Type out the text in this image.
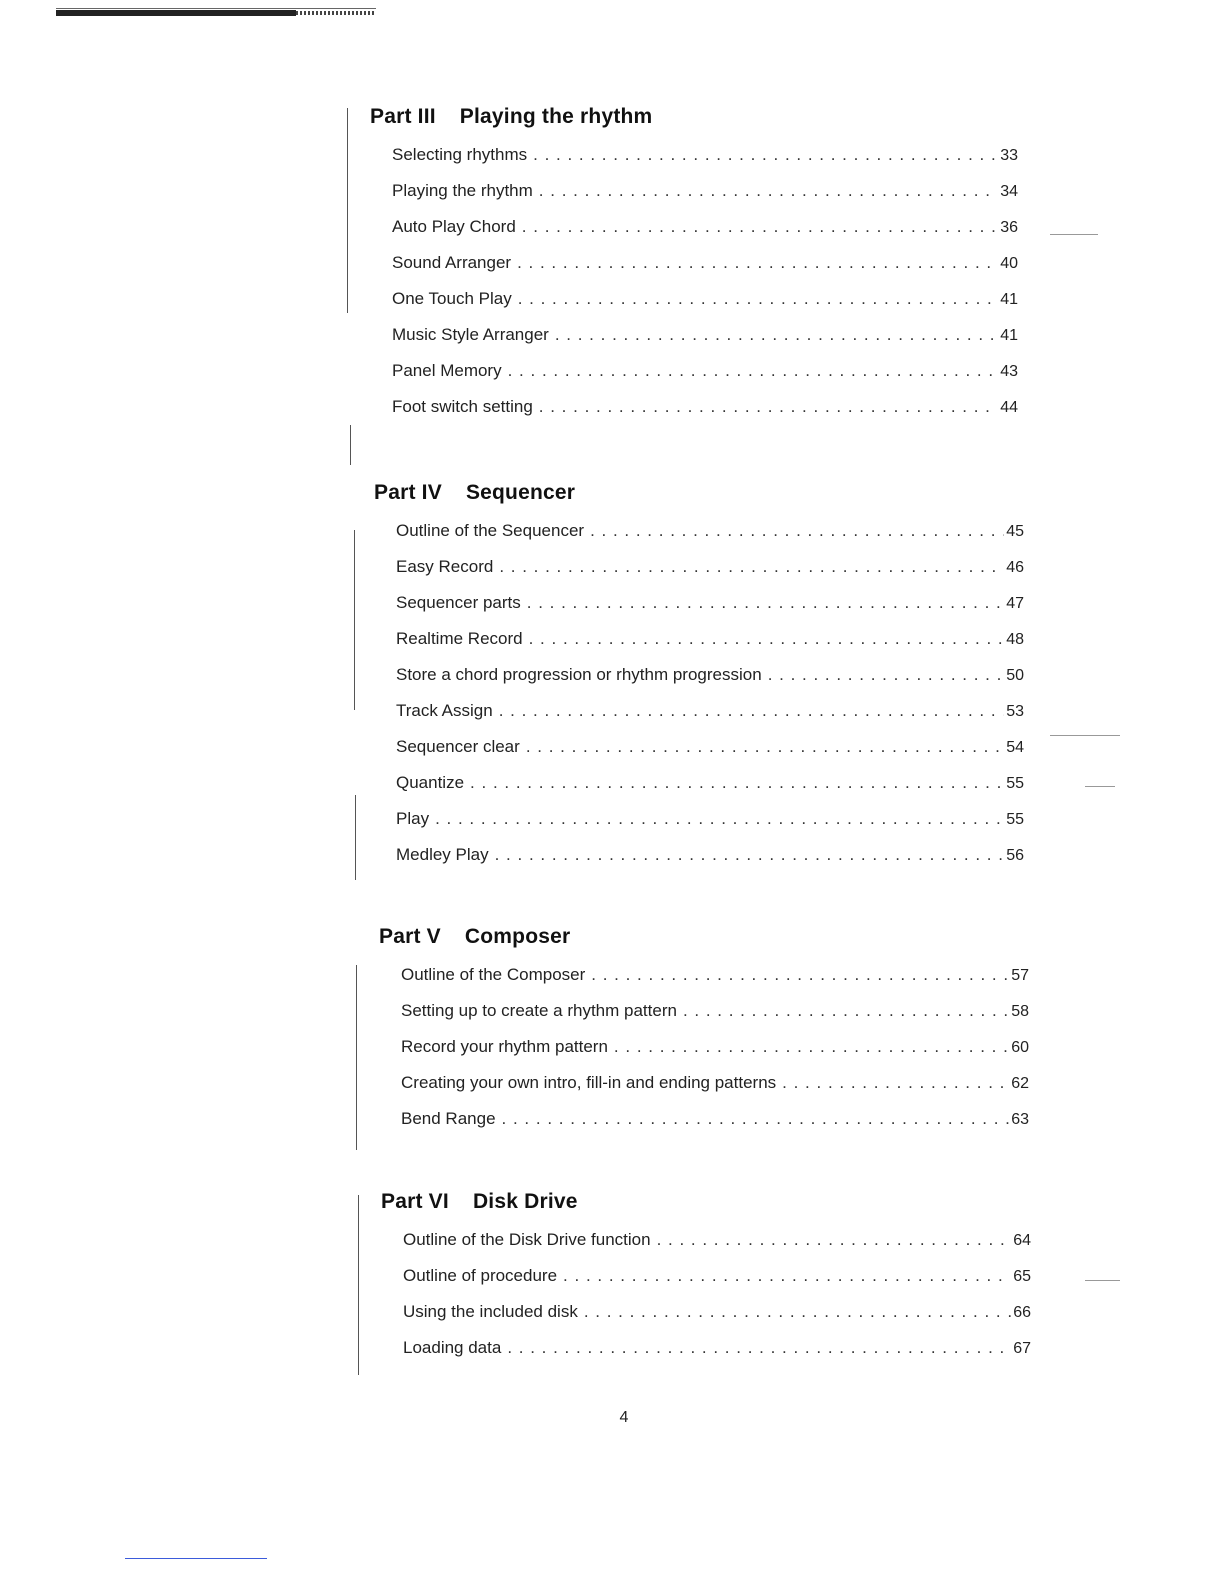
Part III Playing the rhythm
Selecting rhythms . . .	33
Playing the rhythm . . .	34
Auto Play Chord . . .	36
Sound Arranger . . .	40
One Touch Play . . .	41
Music Style Arranger . . .	41
Panel Memory . . .	43
Foot switch setting . . .	44
Part IV Sequencer
Outline of the Sequencer . . .	45
Easy Record . . .	46
Sequencer parts . . .	47
Realtime Record . . .	48
Store a chord progression or rhythm progression . . .	50
Track Assign . . .	53
Sequencer clear . . .	54
Quantize . . .	55
Play . . .	55
Medley Play . . .	56
Part V Composer
Outline of the Composer . . .	57
Setting up to create a rhythm pattern . . .	58
Record your rhythm pattern . . .	60
Creating your own intro, fill-in and ending patterns . . .	62
Bend Range . . .	63
Part VI Disk Drive
Outline of the Disk Drive function . . .	64
Outline of procedure . . .	65
Using the included disk . . .	66
Loading data . . .	67
4
